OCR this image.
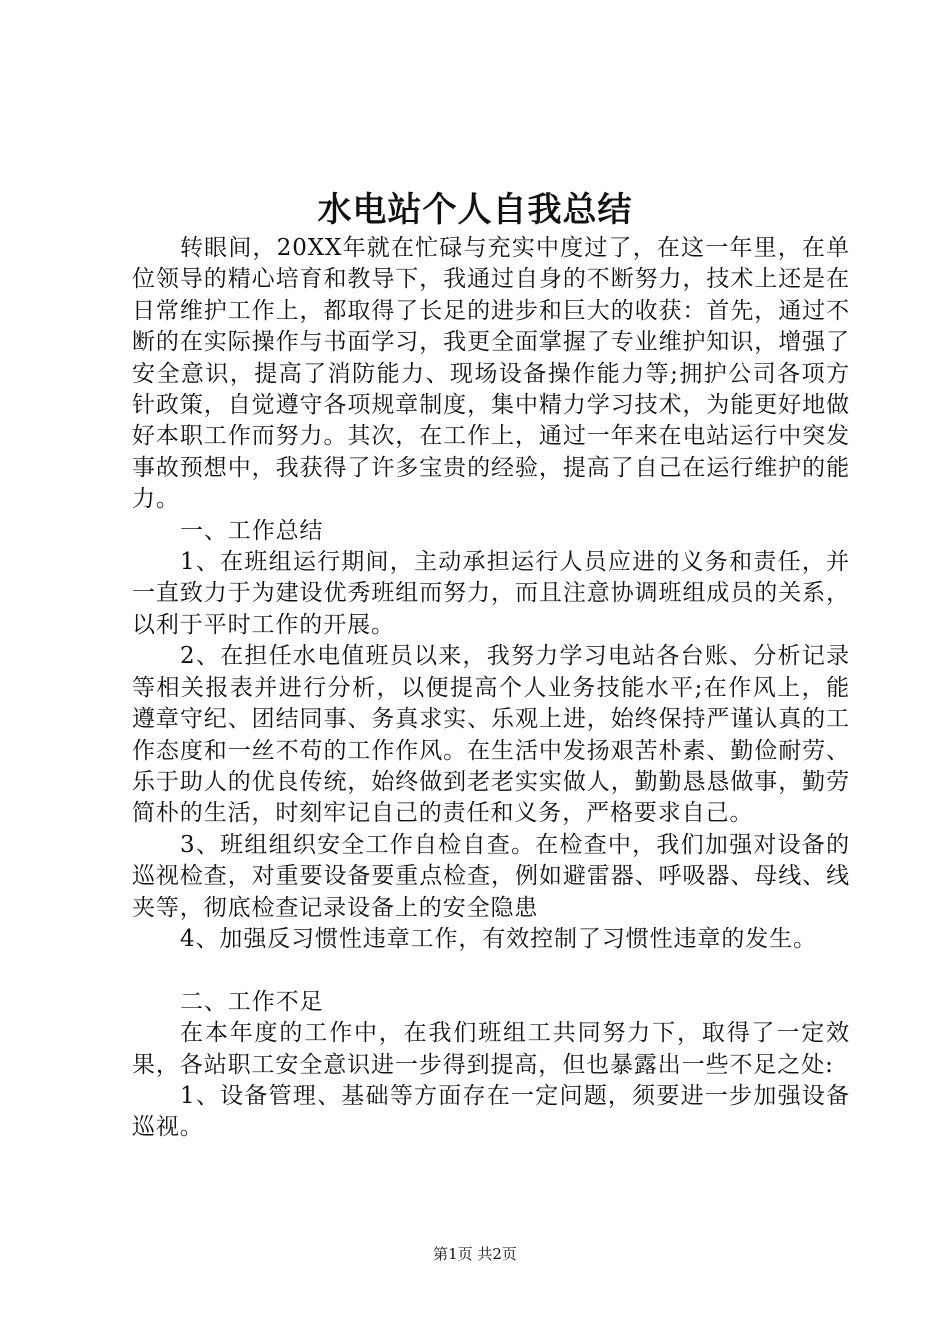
水电站个人自我总结

转眼间，20XX年就在忙碌与充实中度过了，在这一年里，在单位领导的精心培育和教导下，我通过自身的不断努力，技术上还是在日常维护工作上，都取得了长足的进步和巨大的收获：首先，通过不断的在实际操作与书面学习，我更全面掌握了专业维护知识，增强了安全意识，提高了消防能力、现场设备操作能力等;拥护公司各项方针政策，自觉遵守各项规章制度，集中精力学习技术，为能更好地做好本职工作而努力。其次，在工作上，通过一年来在电站运行中突发事故预想中，我获得了许多宝贵的经验，提高了自己在运行维护的能力。

一、工作总结

1、在班组运行期间，主动承担运行人员应进的义务和责任，并一直致力于为建设优秀班组而努力，而且注意协调班组成员的关系，以利于平时工作的开展。

2、在担任水电值班员以来，我努力学习电站各台账、分析记录等相关报表并进行分析，以便提高个人业务技能水平;在作风上，能遵章守纪、团结同事、务真求实、乐观上进，始终保持严谨认真的工作态度和一丝不苟的工作作风。在生活中发扬艰苦朴素、勤俭耐劳、乐于助人的优良传统，始终做到老老实实做人，勤勤恳恳做事，勤劳简朴的生活，时刻牢记自己的责任和义务，严格要求自己。

3、班组组织安全工作自检自查。在检查中，我们加强对设备的巡视检查，对重要设备要重点检查，例如避雷器、呼吸器、母线、线夹等，彻底检查记录设备上的安全隐患

4、加强反习惯性违章工作，有效控制了习惯性违章的发生。

二、工作不足

在本年度的工作中，在我们班组工共同努力下，取得了一定效果，各站职工安全意识进一步得到提高，但也暴露出一些不足之处:

1、设备管理、基础等方面存在一定问题，须要进一步加强设备巡视。

第1页 共2页
